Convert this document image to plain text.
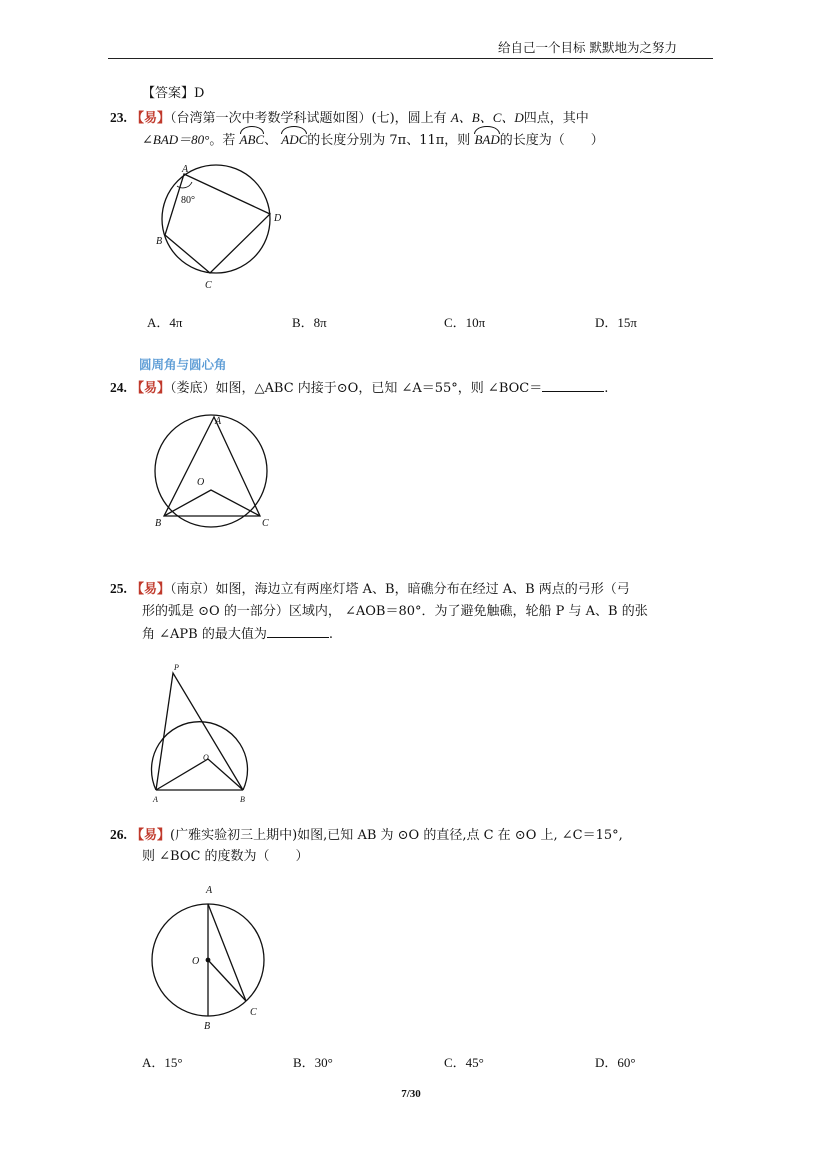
给自己一个目标 默默地为之努力
【答案】D
23. 【易】（台湾第一次中考数学科试题如图）(七)，圆上有 A、B、C、D四点，其中
∠BAD＝80°。若 ABC、 ADC的长度分别为 7π、11π，则 BAD的长度为（　　）
A
80°
D
B
C
A．4π	B．8π	C．10π	D．15π
圆周角与圆心角
24. 【易】（娄底）如图，△ABC 内接于⊙O，已知 ∠A＝55°，则 ∠BOC＝	.
A
O
B	C
25. 【易】（南京）如图，海边立有两座灯塔 A、B，暗礁分布在经过 A、B 两点的弓形（弓
形的弧是 ⊙O 的一部分）区域内， ∠AOB＝80°．为了避免触礁，轮船 P 与 A、B 的张
角 ∠APB 的最大值为	.
P
O
A	B
26. 【易】(广雅实验初三上期中)如图,已知 AB 为 ⊙O 的直径,点 C 在 ⊙O 上, ∠C＝15°,
则 ∠BOC 的度数为（　　）
A
O
B
C
A．15°	B．30°	C．45°	D．60°
7/30
